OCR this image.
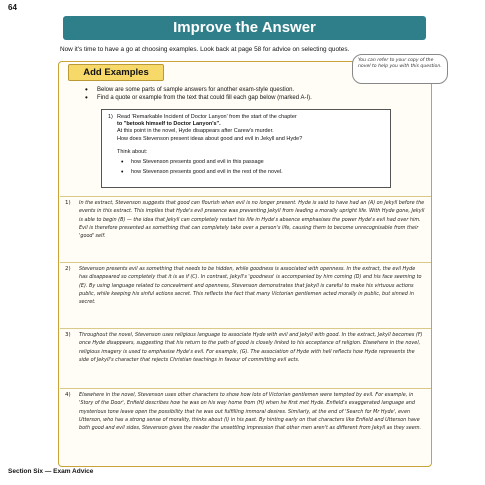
64
Improve the Answer
Now it's time to have a go at choosing examples. Look back at page 58 for advice on selecting quotes.
You can refer to your copy of the novel to help you with this question.
Add Examples
• Below are some parts of sample answers for another exam-style question.
• Find a quote or example from the text that could fill each gap below (marked A-I).
1) Read 'Remarkable Incident of Doctor Lanyon' from the start of the chapter
to "betook himself to Doctor Lanyon's".
At this point in the novel, Hyde disappears after Carew's murder.
How does Stevenson present ideas about good and evil in Jekyll and Hyde?
Think about:
• how Stevenson presents good and evil in this passage
• how Stevenson presents good and evil in the rest of the novel.
1) In the extract, Stevenson suggests that good can flourish when evil is no longer present. Hyde is said to have had an (A) on Jekyll before the events in this extract. This implies that Hyde's evil presence was preventing Jekyll from leading a morally upright life. With Hyde gone, Jekyll is able to begin (B) — the idea that Jekyll can completely restart his life in Hyde's absence emphasises the power Hyde's evil had over him. Evil is therefore presented as something that can completely take over a person's life, causing them to become unrecognisable from their 'good' self.
2) Stevenson presents evil as something that needs to be hidden, while goodness is associated with openness. In the extract, the evil Hyde has disappeared so completely that it is as if (C). In contrast, Jekyll's 'goodness' is accompanied by him coming (D) and his face seeming to (E). By using language related to concealment and openness, Stevenson demonstrates that Jekyll is careful to make his virtuous actions public, while keeping his sinful actions secret. This reflects the fact that many Victorian gentlemen acted morally in public, but sinned in secret.
3) Throughout the novel, Stevenson uses religious language to associate Hyde with evil and Jekyll with good. In the extract, Jekyll becomes (F) once Hyde disappears, suggesting that his return to the path of good is closely linked to his acceptance of religion. Elsewhere in the novel, religious imagery is used to emphasise Hyde's evil. For example, (G). The association of Hyde with hell reflects how Hyde represents the side of Jekyll's character that rejects Christian teachings in favour of committing evil acts.
4) Elsewhere in the novel, Stevenson uses other characters to show how lots of Victorian gentlemen were tempted by evil. For example, in 'Story of the Door', Enfield describes how he was on his way home from (H) when he first met Hyde. Enfield's exaggerated language and mysterious tone leave open the possibility that he was out fulfilling immoral desires. Similarly, at the end of 'Search for Mr Hyde', even Utterson, who has a strong sense of morality, thinks about (I) in his past. By hinting early on that characters like Enfield and Utterson have both good and evil sides, Stevenson gives the reader the unsettling impression that other men aren't as different from Jekyll as they seem.
Section Six — Exam Advice
